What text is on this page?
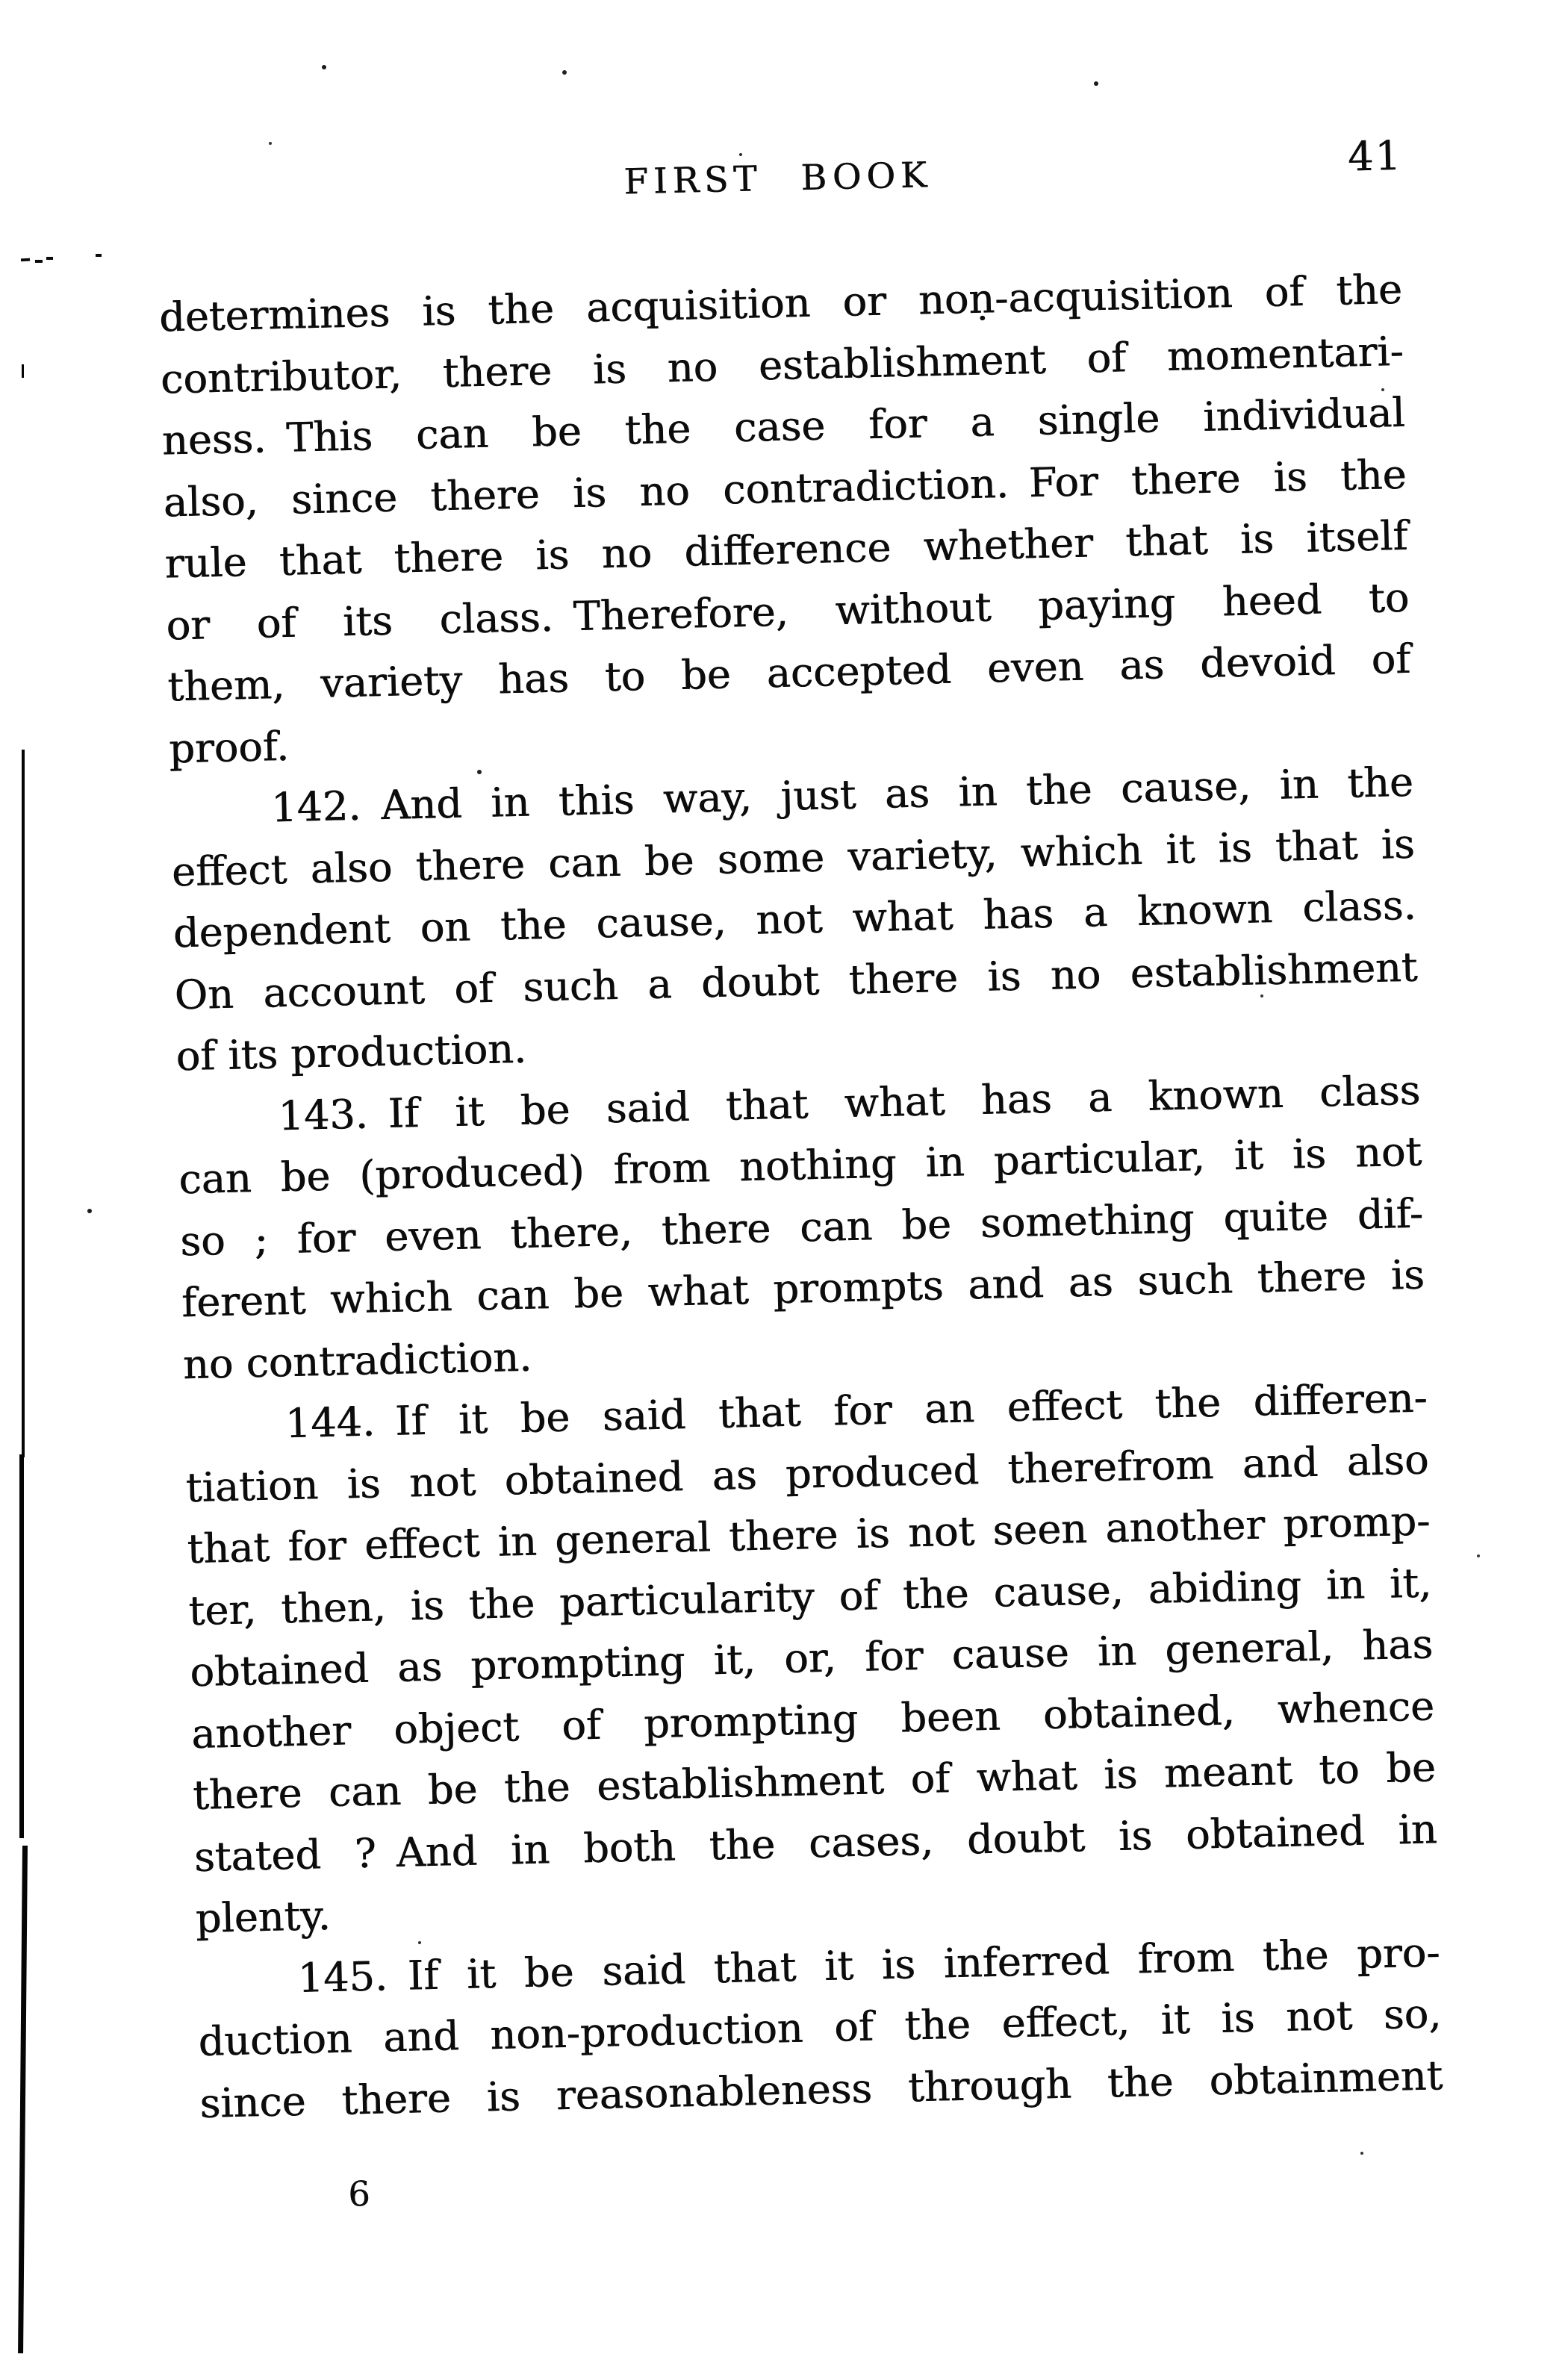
FIRST BOOK	41
determines is the acquisition or noṇ-acquisition of the
contributor, there is no establishment of momentari-
ness. This can be the case for a single individual
also, since there is no contradiction. For there is the
rule that there is no difference whether that is itself
or of its class. Therefore, without paying heed to
them, variety has to be accepted even as devoid of
proof.
142. And in this way, just as in the cause, in the
effect also there can be some variety, which it is that is
dependent on the cause, not what has a known class.
On account of such a doubt there is no establishment
of its production.
143. If it be said that what has a known class
can be (produced) from nothing in particular, it is not
so ; for even there, there can be something quite dif-
ferent which can be what prompts and as such there is
no contradiction.
144. If it be said that for an effect the differen-
tiation is not obtained as produced therefrom and also
that for effect in general there is not seen another promp-
ter, then, is the particularity of the cause, abiding in it,
obtained as prompting it, or, for cause in general, has
another object of prompting been obtained, whence
there can be the establishment of what is meant to be
stated ? And in both the cases, doubt is obtained in
plenty.
145. If it be said that it is inferred from the pro-
duction and non-production of the effect, it is not so,
since there is reasonableness through the obtainment
6
